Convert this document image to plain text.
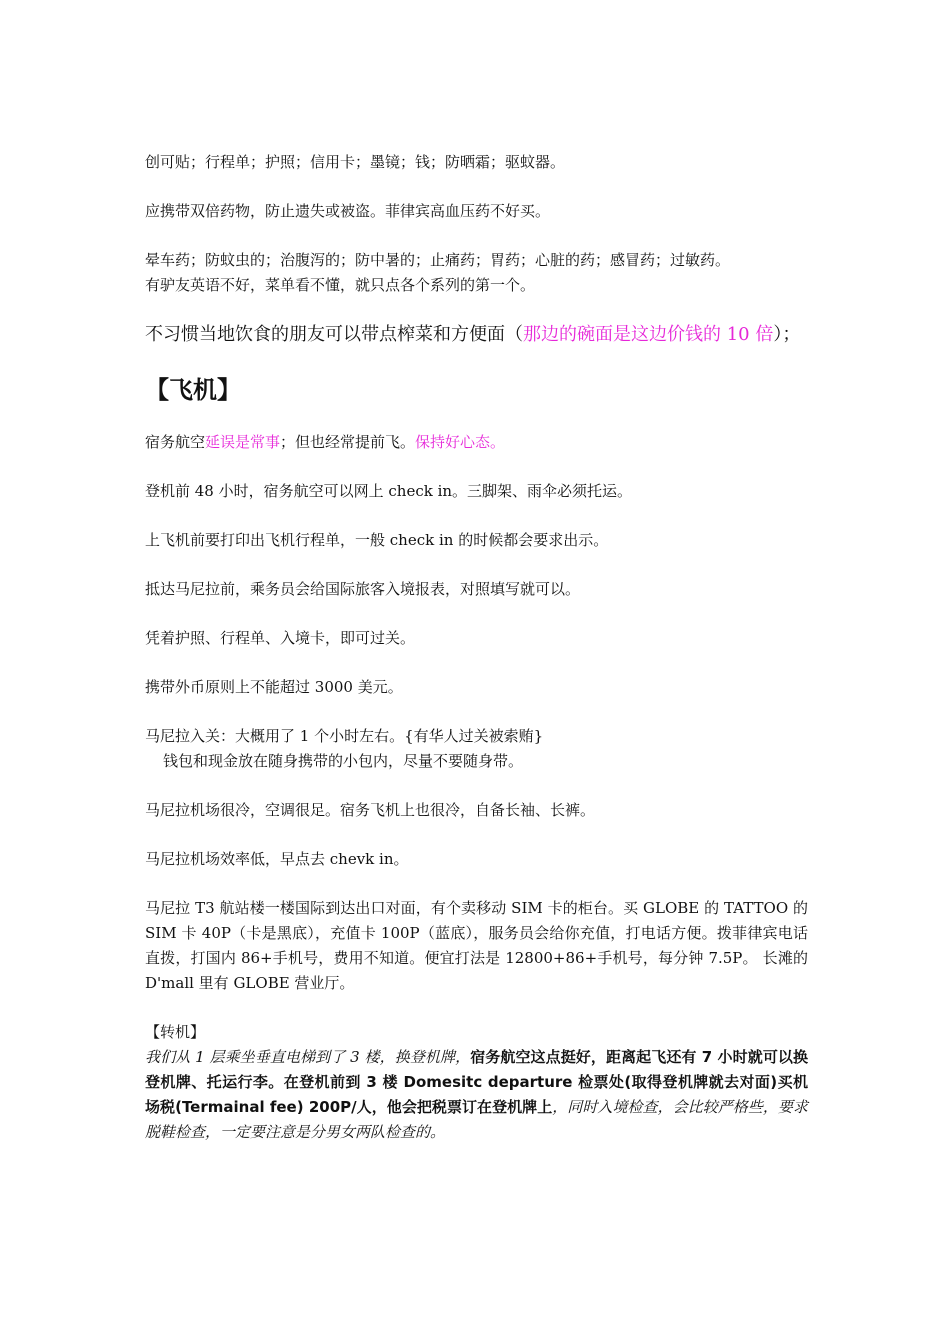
创可贴；行程单；护照；信用卡；墨镜；钱；防晒霜；驱蚊器。

应携带双倍药物，防止遗失或被盗。菲律宾高血压药不好买。

晕车药；防蚊虫的；治腹泻的；防中暑的；止痛药；胃药；心脏的药；感冒药；过敏药。

有驴友英语不好，菜单看不懂，就只点各个系列的第一个。

不习惯当地饮食的朋友可以带点榨菜和方便面（那边的碗面是这边价钱的 10 倍）；

【飞机】

宿务航空延误是常事；但也经常提前飞。保持好心态。

登机前 48 小时，宿务航空可以网上 check in。三脚架、雨伞必须托运。

上飞机前要打印出飞机行程单，一般 check in 的时候都会要求出示。

抵达马尼拉前，乘务员会给国际旅客入境报表，对照填写就可以。

凭着护照、行程单、入境卡，即可过关。

携带外币原则上不能超过 3000 美元。

马尼拉入关：大概用了 1 个小时左右。{有华人过关被索贿}

钱包和现金放在随身携带的小包内，尽量不要随身带。

马尼拉机场很冷，空调很足。宿务飞机上也很冷，自备长袖、长裤。

马尼拉机场效率低，早点去 chevk in。

马尼拉 T3 航站楼一楼国际到达出口对面，有个卖移动 SIM 卡的柜台。买 GLOBE 的 TATTOO 的 SIM 卡 40P（卡是黑底），充值卡 100P（蓝底），服务员会给你充值，打电话方便。拨菲律宾电话直拨，打国内 86+手机号，费用不知道。便宜打法是 12800+86+手机号，每分钟 7.5P。 长滩的 D'mall 里有 GLOBE 营业厅。

【转机】

我们从 1 层乘坐垂直电梯到了 3 楼，换登机牌，宿务航空这点挺好，距离起飞还有 7 小时就可以换登机牌、托运行李。在登机前到 3 楼 Domesitc departure 检票处(取得登机牌就去对面)买机场税(Termainal fee) 200P/人，他会把税票订在登机牌上，同时入境检查，会比较严格些，要求脱鞋检查，一定要注意是分男女两队检查的。
